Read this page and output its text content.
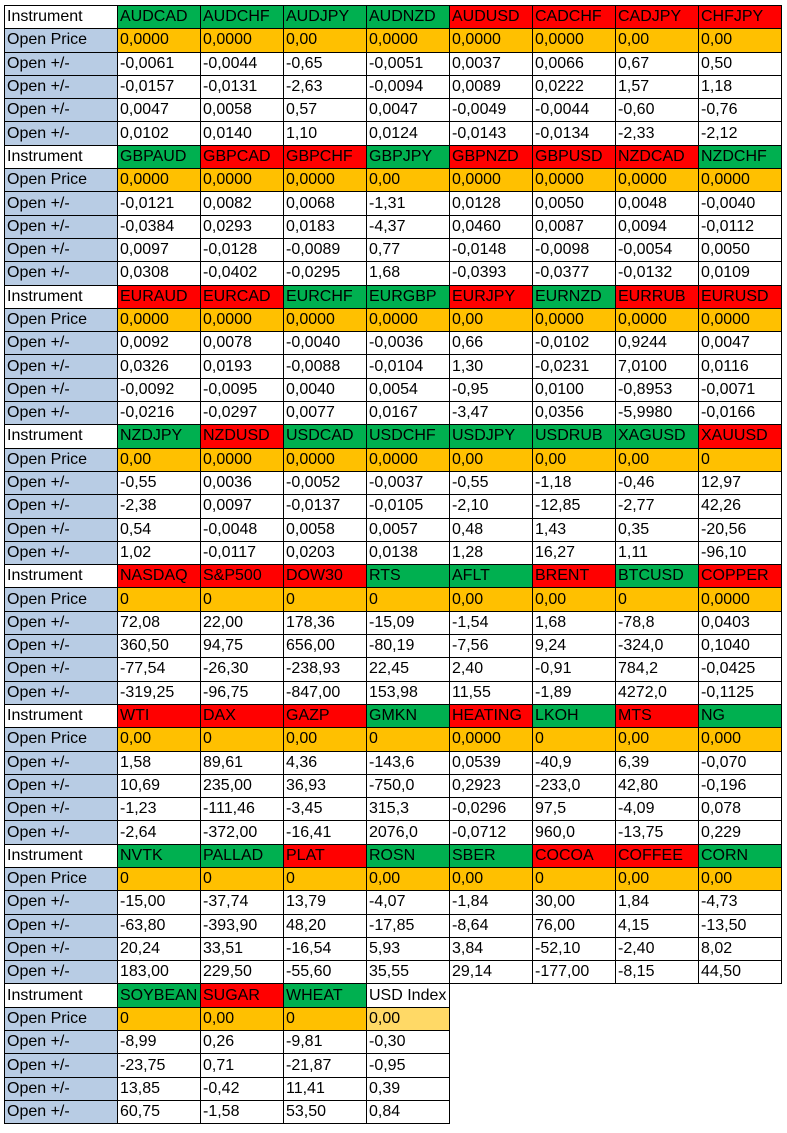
Instrument	AUDCAD	AUDCHF	AUDJPY	AUDNZD	AUDUSD	CADCHF	CADJPY	CHFJPY
Open Price	0,0000	0,0000	0,00	0,0000	0,0000	0,0000	0,00	0,00
Open +/-	-0,0061	-0,0044	-0,65	-0,0051	0,0037	0,0066	0,67	0,50
Open +/-	-0,0157	-0,0131	-2,63	-0,0094	0,0089	0,0222	1,57	1,18
Open +/-	0,0047	0,0058	0,57	0,0047	-0,0049	-0,0044	-0,60	-0,76
Open +/-	0,0102	0,0140	1,10	0,0124	-0,0143	-0,0134	-2,33	-2,12
Instrument	GBPAUD	GBPCAD	GBPCHF	GBPJPY	GBPNZD	GBPUSD	NZDCAD	NZDCHF
Open Price	0,0000	0,0000	0,0000	0,00	0,0000	0,0000	0,0000	0,0000
Open +/-	-0,0121	0,0082	0,0068	-1,31	0,0128	0,0050	0,0048	-0,0040
Open +/-	-0,0384	0,0293	0,0183	-4,37	0,0460	0,0087	0,0094	-0,0112
Open +/-	0,0097	-0,0128	-0,0089	0,77	-0,0148	-0,0098	-0,0054	0,0050
Open +/-	0,0308	-0,0402	-0,0295	1,68	-0,0393	-0,0377	-0,0132	0,0109
Instrument	EURAUD	EURCAD	EURCHF	EURGBP	EURJPY	EURNZD	EURRUB	EURUSD
Open Price	0,0000	0,0000	0,0000	0,0000	0,00	0,0000	0,0000	0,0000
Open +/-	0,0092	0,0078	-0,0040	-0,0036	0,66	-0,0102	0,9244	0,0047
Open +/-	0,0326	0,0193	-0,0088	-0,0104	1,30	-0,0231	7,0100	0,0116
Open +/-	-0,0092	-0,0095	0,0040	0,0054	-0,95	0,0100	-0,8953	-0,0071
Open +/-	-0,0216	-0,0297	0,0077	0,0167	-3,47	0,0356	-5,9980	-0,0166
Instrument	NZDJPY	NZDUSD	USDCAD	USDCHF	USDJPY	USDRUB	XAGUSD	XAUUSD
Open Price	0,00	0,0000	0,0000	0,0000	0,00	0,00	0,00	0
Open +/-	-0,55	0,0036	-0,0052	-0,0037	-0,55	-1,18	-0,46	12,97
Open +/-	-2,38	0,0097	-0,0137	-0,0105	-2,10	-12,85	-2,77	42,26
Open +/-	0,54	-0,0048	0,0058	0,0057	0,48	1,43	0,35	-20,56
Open +/-	1,02	-0,0117	0,0203	0,0138	1,28	16,27	1,11	-96,10
Instrument	NASDAQ	S&P500	DOW30	RTS	AFLT	BRENT	BTCUSD	COPPER
Open Price	0	0	0	0	0,00	0,00	0	0,0000
Open +/-	72,08	22,00	178,36	-15,09	-1,54	1,68	-78,8	0,0403
Open +/-	360,50	94,75	656,00	-80,19	-7,56	9,24	-324,0	0,1040
Open +/-	-77,54	-26,30	-238,93	22,45	2,40	-0,91	784,2	-0,0425
Open +/-	-319,25	-96,75	-847,00	153,98	11,55	-1,89	4272,0	-0,1125
Instrument	WTI	DAX	GAZP	GMKN	HEATING	LKOH	MTS	NG
Open Price	0,00	0	0,00	0	0,0000	0	0,00	0,000
Open +/-	1,58	89,61	4,36	-143,6	0,0539	-40,9	6,39	-0,070
Open +/-	10,69	235,00	36,93	-750,0	0,2923	-233,0	42,80	-0,196
Open +/-	-1,23	-111,46	-3,45	315,3	-0,0296	97,5	-4,09	0,078
Open +/-	-2,64	-372,00	-16,41	2076,0	-0,0712	960,0	-13,75	0,229
Instrument	NVTK	PALLAD	PLAT	ROSN	SBER	COCOA	COFFEE	CORN
Open Price	0	0	0	0,00	0,00	0	0,00	0,00
Open +/-	-15,00	-37,74	13,79	-4,07	-1,84	30,00	1,84	-4,73
Open +/-	-63,80	-393,90	48,20	-17,85	-8,64	76,00	4,15	-13,50
Open +/-	20,24	33,51	-16,54	5,93	3,84	-52,10	-2,40	8,02
Open +/-	183,00	229,50	-55,60	35,55	29,14	-177,00	-8,15	44,50
Instrument	SOYBEAN	SUGAR	WHEAT	USD Index				
Open Price	0	0,00	0	0,00				
Open +/-	-8,99	0,26	-9,81	-0,30				
Open +/-	-23,75	0,71	-21,87	-0,95				
Open +/-	13,85	-0,42	11,41	0,39				
Open +/-	60,75	-1,58	53,50	0,84				
